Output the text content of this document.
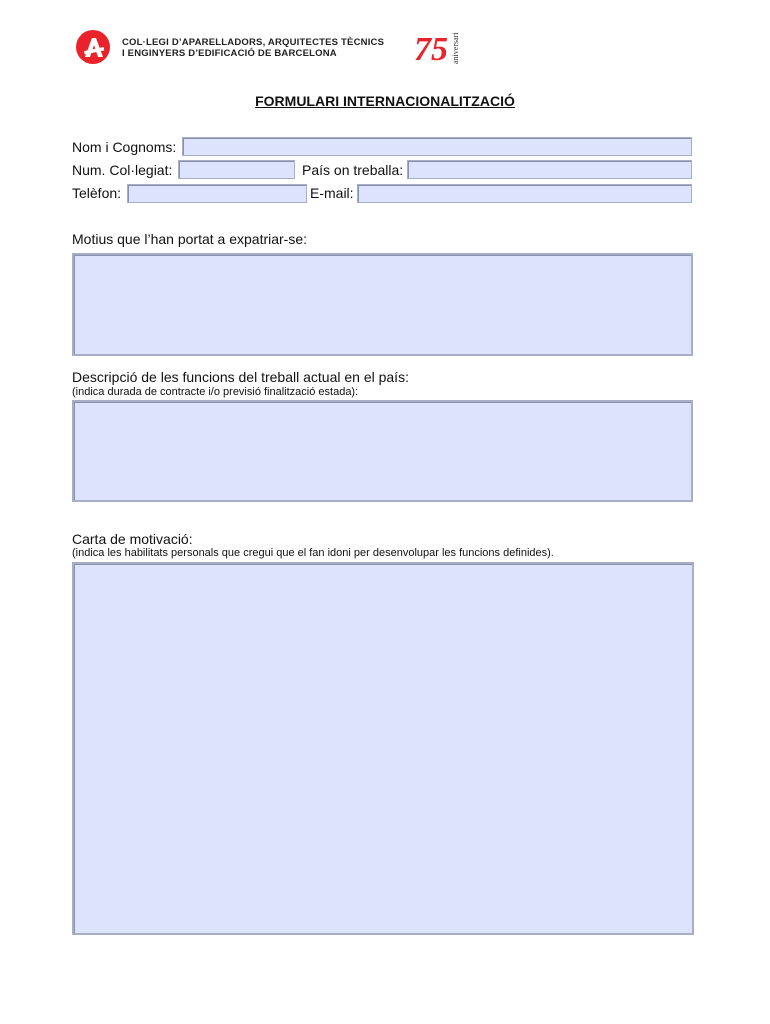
COL·LEGI D’APARELLADORS, ARQUITECTES TÈCNICS
I ENGINYERS D’EDIFICACIÓ DE BARCELONA	75 aniversari
FORMULARI INTERNACIONALITZACIÓ
Nom i Cognoms:
Num. Col·legiat:	País on treballa:
Telèfon:	E-mail:
Motius que l’han portat a expatriar-se:
Descripció de les funcions del treball actual en el país:
(indica durada de contracte i/o previsió finalització estada):
Carta de motivació:
(indica les habilitats personals que cregui que el fan idoni per desenvolupar les funcions definides).
